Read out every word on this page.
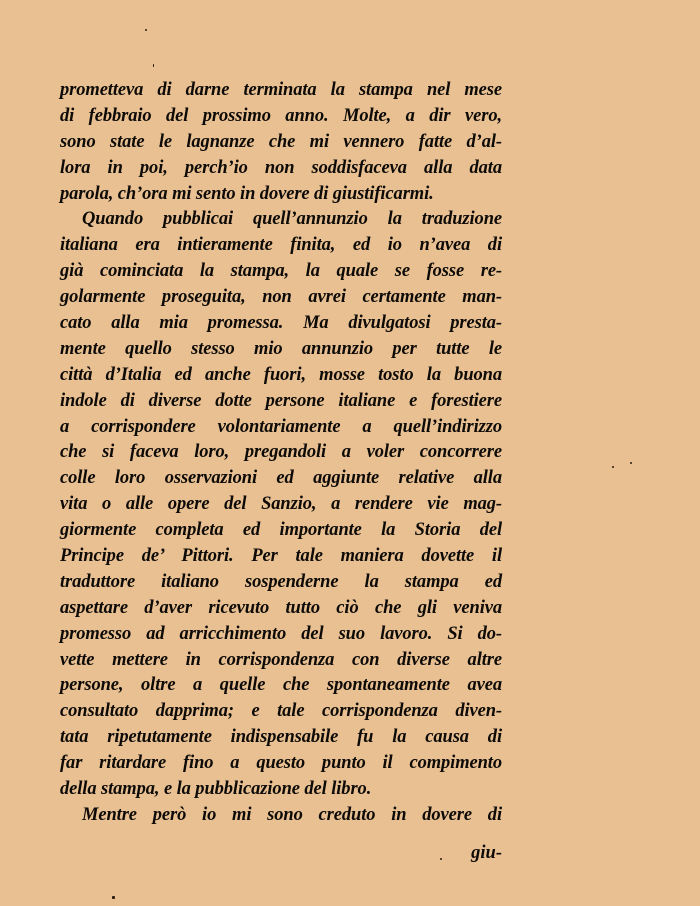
promettevа di darne terminata la stampa nel mese
di febbraio del prossimo anno. Molte, a dir vero,
sono state le lagnanze che mi vennero fatte d’al-
lora in poi, perch’io non soddisfaceva alla data
parola, ch’ora mi sento in dovere di giustificarmi.
Quando pubblicai quell’annunzio la traduzione
italiana era intieramente finita, ed io n’avea di
già cominciata la stampa, la quale se fosse re-
golarmente proseguita, non avrei certamente man-
cato alla mia promessa. Ma divulgatosi presta-
mente quello stesso mio annunzio per tutte le
città d’Italia ed anche fuori, mosse tosto la buona
indole di diverse dotte persone italiane e forestiere
a corrispondere volontariamente a quell’indirizzo
che si faceva loro, pregandoli a voler concorrere
colle loro osservazioni ed aggiunte relative alla
vita o alle opere del Sanzio, a rendere vie mag-
giormente completa ed importante la Storia del
Principe de’ Pittori. Per tale maniera dovette il
traduttore italiano sospenderne la stampa ed
aspettare d’aver ricevuto tutto ciò che gli veniva
promesso ad arricchimento del suo lavoro. Si do-
vette mettere in corrispondenza con diverse altre
persone, oltre a quelle che spontaneamente avea
consultato dapprima; e tale corrispondenza diven-
tata ripetutamente indispensabile fu la causa di
far ritardare fino a questo punto il compimento
della stampa, e la pubblicazione del libro.
Mentre però io mi sono creduto in dovere di
giu-
